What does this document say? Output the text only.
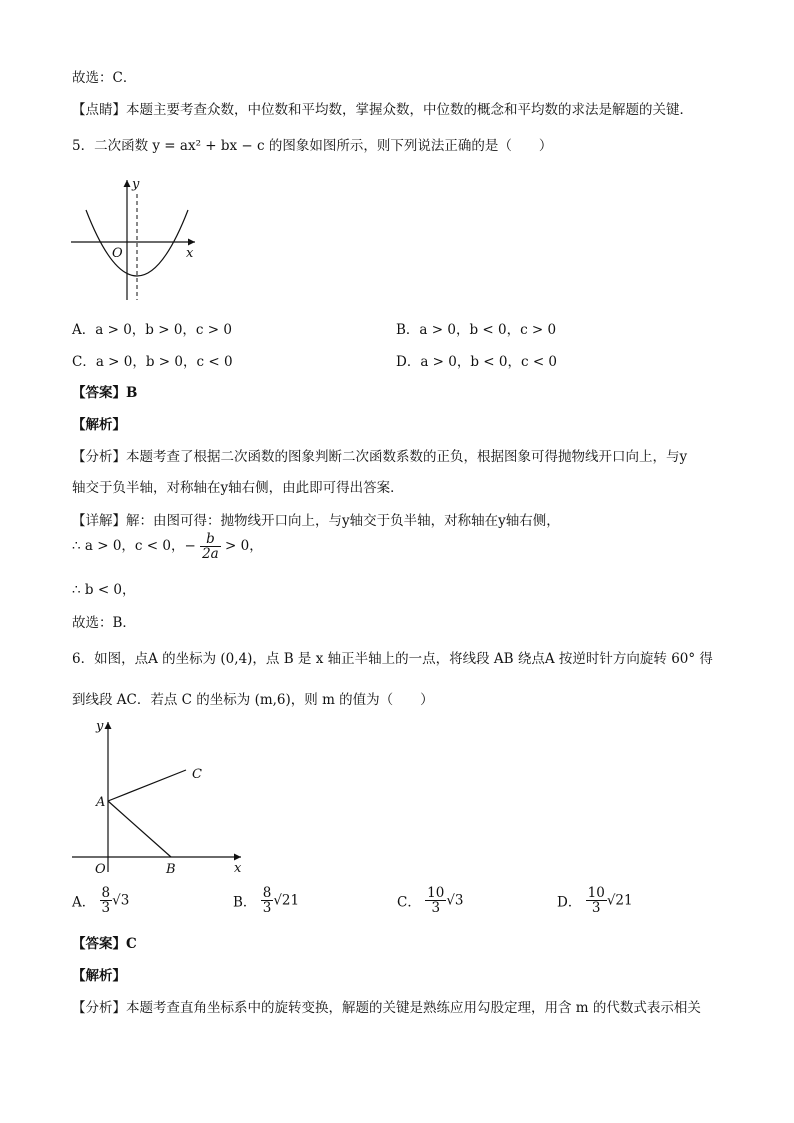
故选：C．
【点睛】本题主要考查众数，中位数和平均数，掌握众数，中位数的概念和平均数的求法是解题的关键．
5．二次函数 y = ax² + bx − c 的图象如图所示，则下列说法正确的是（　　）
y
x
O
A．a > 0，b > 0，c > 0	B．a > 0，b < 0，c > 0
C．a > 0，b > 0，c < 0	D．a > 0，b < 0，c < 0
【答案】B
【解析】
【分析】本题考查了根据二次函数的图象判断二次函数系数的正负，根据图象可得抛物线开口向上，与y
轴交于负半轴，对称轴在y轴右侧，由此即可得出答案．
【详解】解：由图可得：抛物线开口向上，与y轴交于负半轴，对称轴在y轴右侧，
∴ a > 0，c < 0，− $\frac{b}{2a} > 0$，
∴ b < 0，
故选：B．
6．如图，点A 的坐标为 (0,4)，点 B 是 x 轴正半轴上的一点，将线段 AB 绕点A 按逆时针方向旋转 60° 得
到线段 AC．若点 C 的坐标为 (m,6)，则 m 的值为（　　）
y
x
O
A
B
C
A． $\frac{8}{3} √3$	B． $\frac{8}{3} √21$	C． $\frac{10}{3} √3$	D． $\frac{10}{3} √21$
【答案】C
【解析】
【分析】本题考查直角坐标系中的旋转变换，解题的关键是熟练应用勾股定理，用含 m 的代数式表示相关
